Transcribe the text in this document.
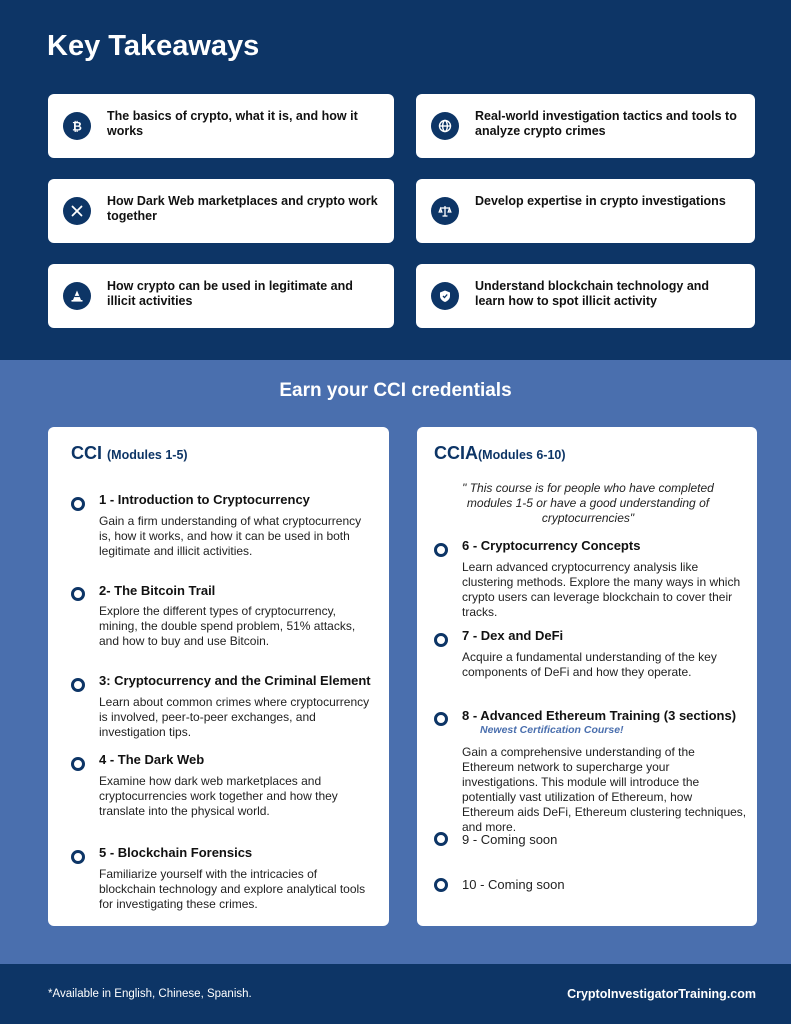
Key Takeaways
₿
The basics of crypto, what it is, and how it works
Real-world investigation tactics and tools to analyze crypto crimes
How Dark Web marketplaces and crypto work together
Develop expertise in crypto investigations
How crypto can be used in legitimate and illicit activities
Understand blockchain technology and learn how to spot illicit activity
Earn your CCI credentials
CCI (Modules 1-5)
1 - Introduction to Cryptocurrency
Gain a firm understanding of what cryptocurrency is, how it works, and how it can be used in both legitimate and illicit activities.
2- The Bitcoin Trail
Explore the different types of cryptocurrency, mining, the double spend problem, 51% attacks, and how to buy and use Bitcoin.
3: Cryptocurrency and the Criminal Element
Learn about common crimes where cryptocurrency is involved, peer-to-peer exchanges, and investigation tips.
4 - The Dark Web
Examine how dark web marketplaces and cryptocurrencies work together and how they translate into the physical world.
5 - Blockchain Forensics
Familiarize yourself with the intricacies of blockchain technology and explore analytical tools for investigating these crimes.
CCIA(Modules 6-10)
" This course is for people who have completed modules 1-5 or have a good understanding of cryptocurrencies"
6 - Cryptocurrency Concepts
Learn advanced cryptocurrency analysis like clustering methods. Explore the many ways in which crypto users can leverage blockchain to cover their tracks.
7 - Dex and DeFi
Acquire a fundamental understanding of the key components of DeFi and how they operate.
8 - Advanced Ethereum Training (3 sections)
Newest Certification Course!
Gain a comprehensive understanding of the Ethereum network to supercharge your investigations. This module will introduce the potentially vast utilization of Ethereum, how Ethereum aids DeFi, Ethereum clustering techniques, and more.
9 - Coming soon
10 - Coming soon
*Available in English, Chinese, Spanish.	CryptoInvestigatorTraining.com
